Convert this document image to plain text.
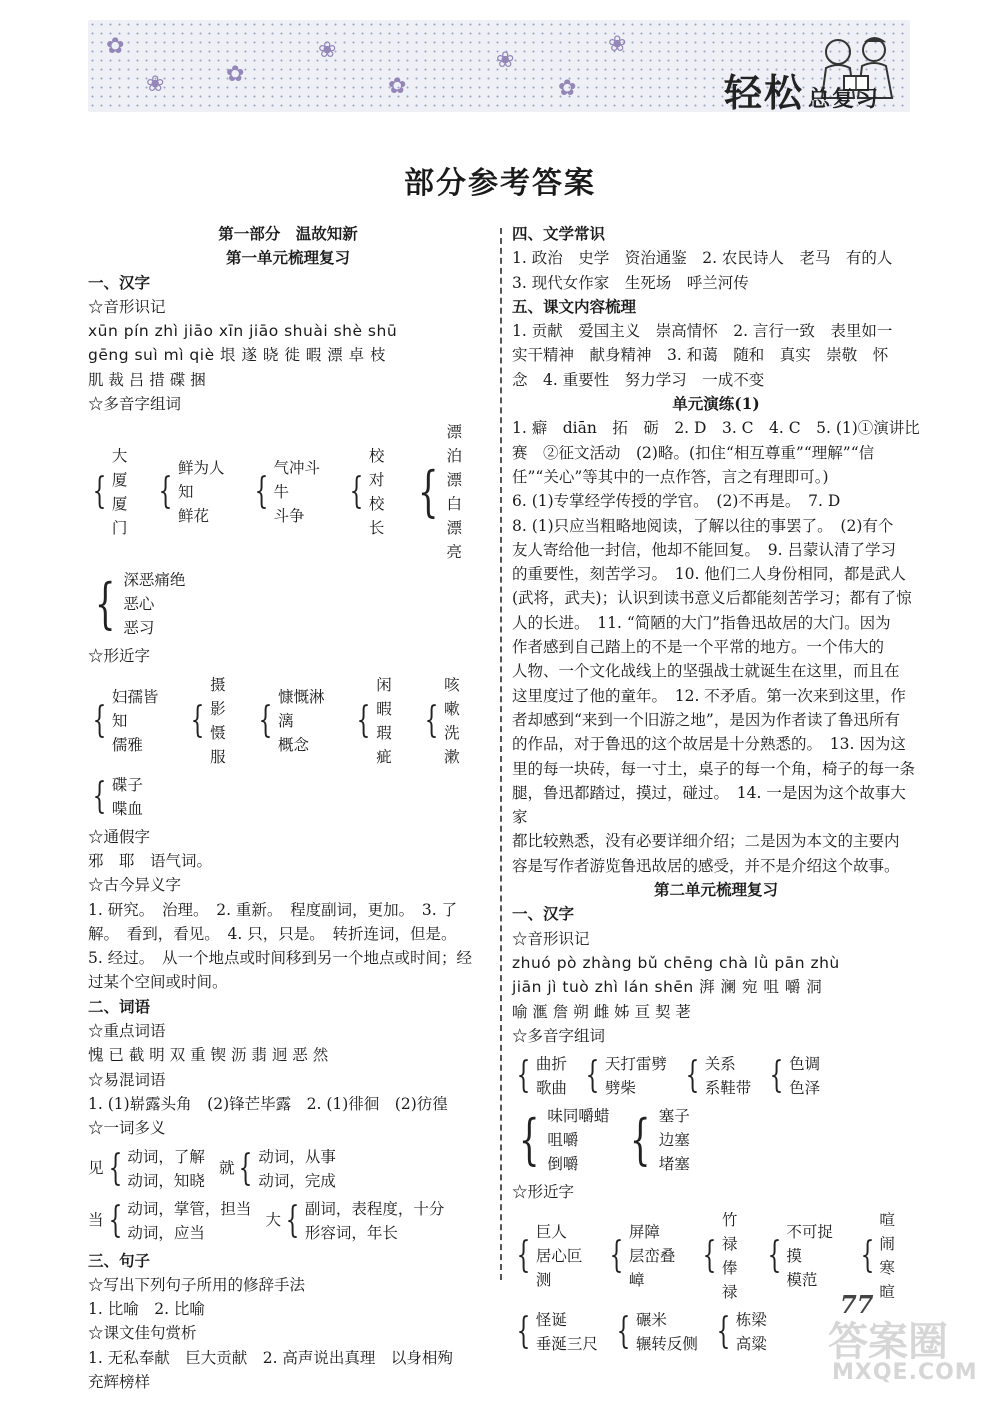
✿
❀	✿
❀
✿
❀
✿
❀
轻松 总复习
部分参考答案

第一部分　温故知新

第一单元梳理复习

一、汉字

☆音形识记

xūn pín zhì jiāo xīn jiāo shuài shè shū

gēng suì mì qiè 垠 遂 晓 徙 暇 漂 卓 枝

肌 裁 吕 措 碟 捆

☆多音字组词

{
大厦
厦门
{
鲜为人知
鲜花
{
气冲斗牛
斗争
{
校对
校长
{
漂泊
漂白
漂亮
{ 深恶痛绝
恶心
恶习

☆形近字

{
妇孺皆知
儒雅
{
摄影
慑服
{
慷慨淋漓
概念
{
闲暇
瑕疵
{
咳嗽
洗漱
{ 碟子
喋血

☆通假字

邪　耶　语气词。

☆古今异义字

1. 研究。　治理。　2. 重新。　程度副词，更加。　3. 了

解。　看到，看见。　4. 只，只是。　转折连词，但是。

5. 经过。　从一个地点或时间移到另一个地点或时间；经

过某个空间或时间。

二、词语

☆重点词语

愧 已 截 明 双 重 锲 沥 翡 迥 恶 然

☆易混词语

1. (1)崭露头角　(2)锋芒毕露　2. (1)徘徊　(2)彷徨

☆一词多义

见 { 动词，了解
动词，知晓
就 { 动词，从事
动词，完成
当 { 动词，掌管，担当
动词，应当
大 { 副词，表程度，十分
形容词，年长

三、句子

☆写出下列句子所用的修辞手法

1. 比喻　2. 比喻

☆课文佳句赏析

1. 无私奉献　巨大贡献　2. 高声说出真理　以身相殉

充辉榜样

四、文学常识

1. 政治　史学　资治通鉴　2. 农民诗人　老马　有的人

3. 现代女作家　生死场　呼兰河传

五、课文内容梳理

1. 贡献　爱国主义　崇高情怀　2. 言行一致　表里如一

实干精神　献身精神　3. 和蔼　随和　真实　崇敬　怀

念　4. 重要性　努力学习　一成不变

单元演练(1)

1. 癖　diān　拓　砺　2. D　3. C　4. C　5. (1)①演讲比

赛　②征文活动　(2)略。(扣住“相互尊重”“理解”“信

任”“关心”等其中的一点作答，言之有理即可。)

6. (1)专掌经学传授的学官。　(2)不再是。　7. D

8. (1)只应当粗略地阅读，了解以往的事罢了。　(2)有个

友人寄给他一封信，他却不能回复。　9. 吕蒙认清了学习

的重要性，刻苦学习。　10. 他们二人身份相同，都是武人

(武将，武夫)；认识到读书意义后都能刻苦学习；都有了惊

人的长进。　11. “简陋的大门”指鲁迅故居的大门。因为

作者感到自己踏上的不是一个平常的地方。一个伟大的

人物、一个文化战线上的坚强战士就诞生在这里，而且在

这里度过了他的童年。　12. 不矛盾。第一次来到这里，作

者却感到“来到一个旧游之地”，是因为作者读了鲁迅所有

的作品，对于鲁迅的这个故居是十分熟悉的。　13. 因为这

里的每一块砖，每一寸土，桌子的每一个角，椅子的每一条

腿，鲁迅都踏过，摸过，碰过。　14. 一是因为这个故事大家

都比较熟悉，没有必要详细介绍；二是因为本文的主要内

容是写作者游览鲁迅故居的感受，并不是介绍这个故事。

第二单元梳理复习

一、汉字

☆音形识记

zhuó pò zhàng bǔ chēng chà lǜ pān zhù

jiān jì tuò zhì lán shēn 湃 澜 宛 咀 嚼 洞

喻 滙 詹 朔 雌 姊 亘 契 荖

☆多音字组词

{ 曲折
歌曲 { 天打雷劈
劈柴	{ 关系
系鞋带 { 色调
色泽
{ 味同嚼蜡
咀嚼
倒嚼 { 塞子
边塞
堵塞

☆形近字

{
巨人
居心叵测
{
屏障
层峦叠嶂
{
竹禄
俸禄
{
不可捉摸
模范
{
喧闹
寒暄
{ 怪诞
垂涎三尺 { 碾米
辗转反侧 { 栋梁
高粱
77
答案圈
MXQE.COM
